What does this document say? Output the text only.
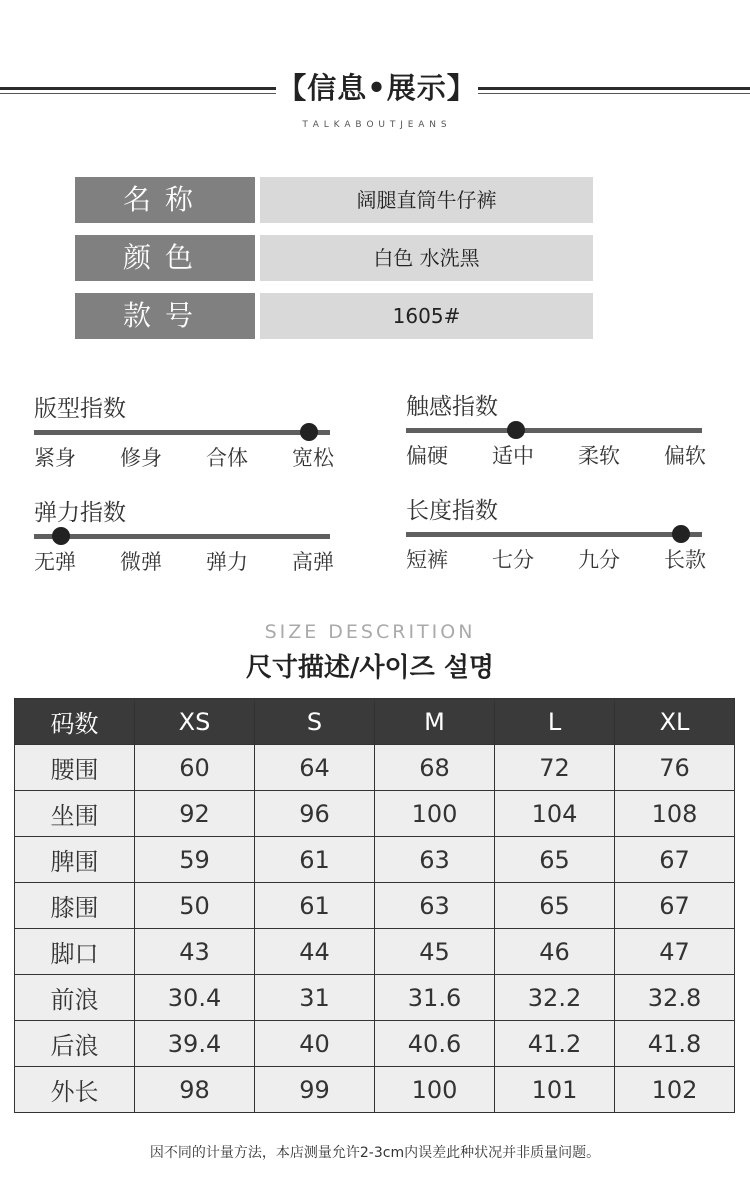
【信息•展示】
T A L K A B O U T J E A N S
名称	阔腿直筒牛仔裤
颜色	白色 水洗黑
款号	1605#
版型指数
紧身 修身 合体 宽松
触感指数
偏硬 适中 柔软 偏软
弹力指数
无弹 微弹 弹力 高弹
长度指数
短裤 七分 九分 长款
SIZE DESCRITION
尺寸描述/사이즈 설명
码数	XS	S	M	L	XL
腰围	60	64	68	72	76
坐围	92	96	100	104	108
脾围	59	61	63	65	67
膝围	50	61	63	65	67
脚口	43	44	45	46	47
前浪	30.4	31	31.6	32.2	32.8
后浪	39.4	40	40.6	41.2	41.8
外长	98	99	100	101	102
因不同的计量方法，本店测量允许2-3cm内误差此种状况并非质量问题。
